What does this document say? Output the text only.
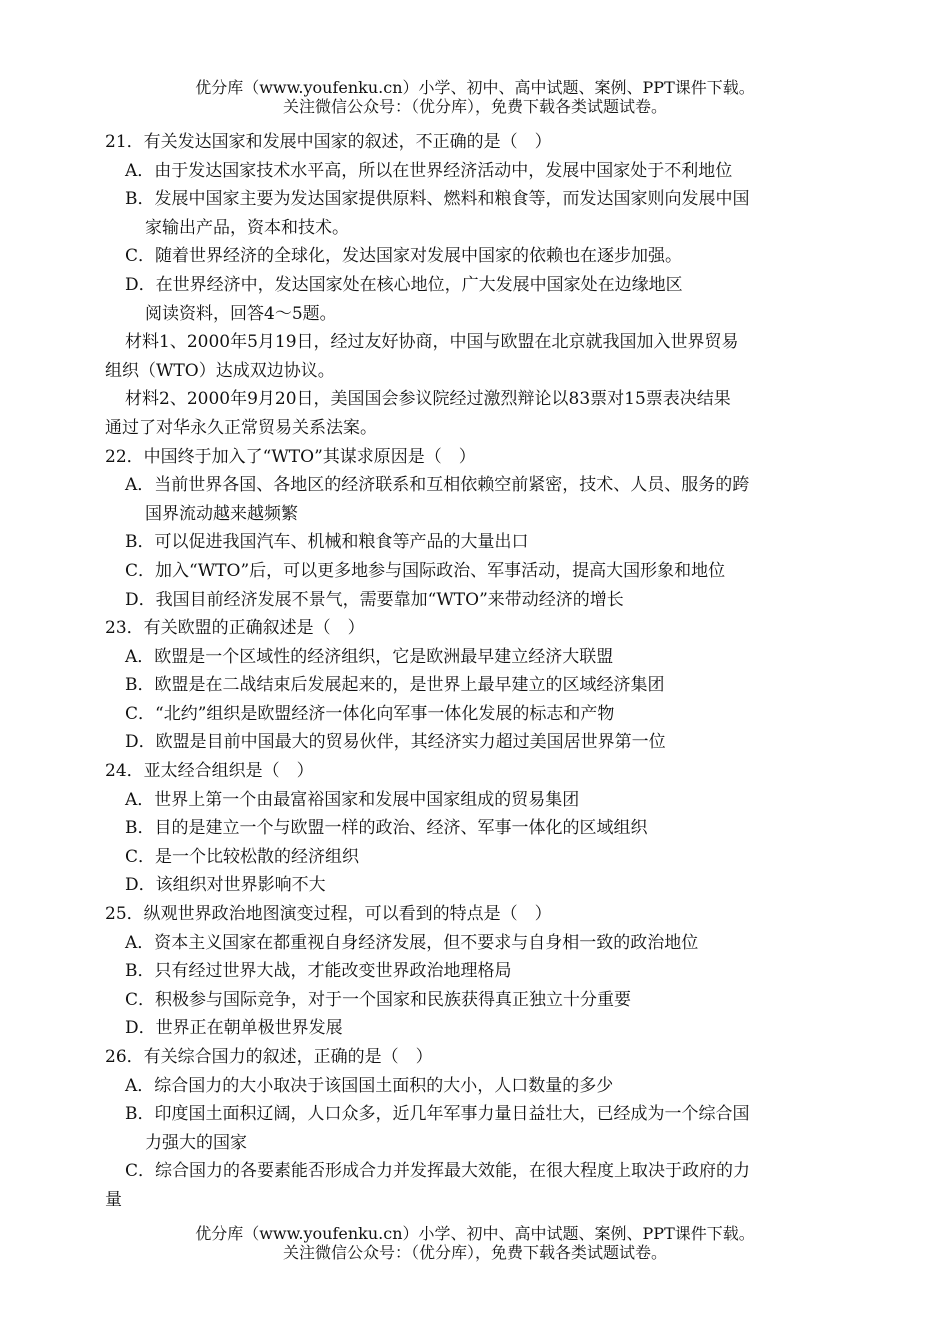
优分库（www.youfenku.cn）小学、初中、高中试题、案例、PPT课件下载。
关注微信公众号：（优分库），免费下载各类试题试卷。
21．有关发达国家和发展中国家的叙述，不正确的是（　）
A．由于发达国家技术水平高，所以在世界经济活动中，发展中国家处于不利地位
B．发展中国家主要为发达国家提供原料、燃料和粮食等，而发达国家则向发展中国
家输出产品，资本和技术。
C．随着世界经济的全球化，发达国家对发展中国家的依赖也在逐步加强。
D．在世界经济中，发达国家处在核心地位，广大发展中国家处在边缘地区
阅读资料，回答4～5题。
材料1、2000年5月19日，经过友好协商，中国与欧盟在北京就我国加入世界贸易
组织（WTO）达成双边协议。
材料2、2000年9月20日，美国国会参议院经过激烈辩论以83票对15票表决结果
通过了对华永久正常贸易关系法案。
22．中国终于加入了“WTO”其谋求原因是（　）
A．当前世界各国、各地区的经济联系和互相依赖空前紧密，技术、人员、服务的跨
国界流动越来越频繁
B．可以促进我国汽车、机械和粮食等产品的大量出口
C．加入“WTO”后，可以更多地参与国际政治、军事活动，提高大国形象和地位
D．我国目前经济发展不景气，需要靠加“WTO”来带动经济的增长
23．有关欧盟的正确叙述是（　）
A．欧盟是一个区域性的经济组织，它是欧洲最早建立经济大联盟
B．欧盟是在二战结束后发展起来的，是世界上最早建立的区域经济集团
C．“北约”组织是欧盟经济一体化向军事一体化发展的标志和产物
D．欧盟是目前中国最大的贸易伙伴，其经济实力超过美国居世界第一位
24．亚太经合组织是（　）
A．世界上第一个由最富裕国家和发展中国家组成的贸易集团
B．目的是建立一个与欧盟一样的政治、经济、军事一体化的区域组织
C．是一个比较松散的经济组织
D．该组织对世界影响不大
25．纵观世界政治地图演变过程，可以看到的特点是（　）
A．资本主义国家在都重视自身经济发展，但不要求与自身相一致的政治地位
B．只有经过世界大战，才能改变世界政治地理格局
C．积极参与国际竞争，对于一个国家和民族获得真正独立十分重要
D．世界正在朝单极世界发展
26．有关综合国力的叙述，正确的是（　）
A．综合国力的大小取决于该国国土面积的大小，人口数量的多少
B．印度国土面积辽阔，人口众多，近几年军事力量日益壮大，已经成为一个综合国
力强大的国家
C．综合国力的各要素能否形成合力并发挥最大效能，在很大程度上取决于政府的力
量
优分库（www.youfenku.cn）小学、初中、高中试题、案例、PPT课件下载。
关注微信公众号：（优分库），免费下载各类试题试卷。
